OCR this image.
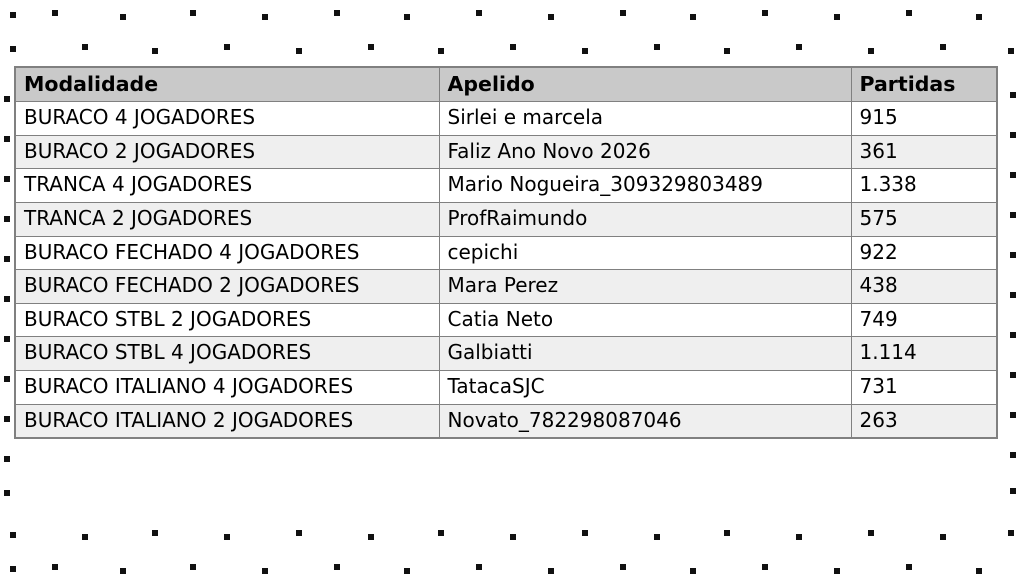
Modalidade	Apelido	Partidas
BURACO 4 JOGADORES	Sirlei e marcela	915
BURACO 2 JOGADORES	Faliz Ano Novo 2026	361
TRANCA 4 JOGADORES	Mario Nogueira_309329803489	1.338
TRANCA 2 JOGADORES	ProfRaimundo	575
BURACO FECHADO 4 JOGADORES	cepichi	922
BURACO FECHADO 2 JOGADORES	Mara Perez	438
BURACO STBL 2 JOGADORES	Catia Neto	749
BURACO STBL 4 JOGADORES	Galbiatti	1.114
BURACO ITALIANO 4 JOGADORES	TatacaSJC	731
BURACO ITALIANO 2 JOGADORES	Novato_782298087046	263
